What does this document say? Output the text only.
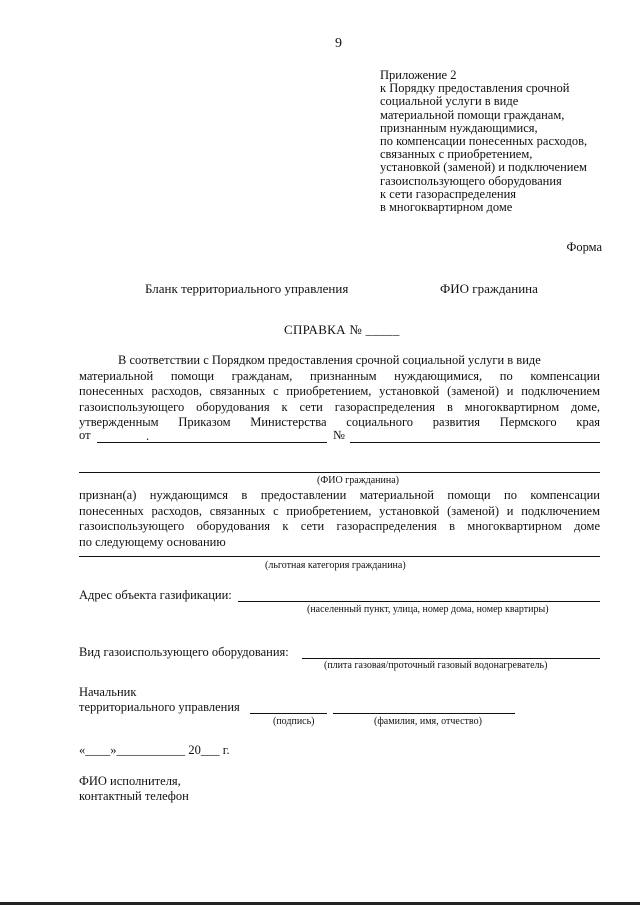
9
Приложение 2
к Порядку предоставления срочной
социальной услуги в виде
материальной помощи гражданам,
признанным нуждающимися,
по компенсации понесенных расходов,
связанных с приобретением,
установкой (заменой) и подключением
газоиспользующего оборудования
к сети газораспределения
в многоквартирном доме
Форма
Бланк территориального управления	ФИО гражданина
СПРАВКА № _____
В соответствии с Порядком предоставления срочной социальной услуги в виде
материальной помощи гражданам, признанным нуждающимися, по компенсации
понесенных расходов, связанных с приобретением, установкой (заменой) и подключением
газоиспользующего оборудования к сети газораспределения в многоквартирном доме,
утвержденным Приказом Министерства социального развития Пермского края
от	.	№
(ФИО гражданина)
признан(а) нуждающимся в предоставлении материальной помощи по компенсации
понесенных расходов, связанных с приобретением, установкой (заменой) и подключением
газоиспользующего оборудования к сети газораспределения в многоквартирном доме
по следующему основанию
(льготная категория гражданина)
Адрес объекта газификации:
(населенный пункт, улица, номер дома, номер квартиры)
Вид газоиспользующего оборудования:
(плита газовая/проточный газовый водонагреватель)
Начальник
территориального управления
(подпись)	(фамилия, имя, отчество)
«____»___________ 20___ г.
ФИО исполнителя,
контактный телефон
